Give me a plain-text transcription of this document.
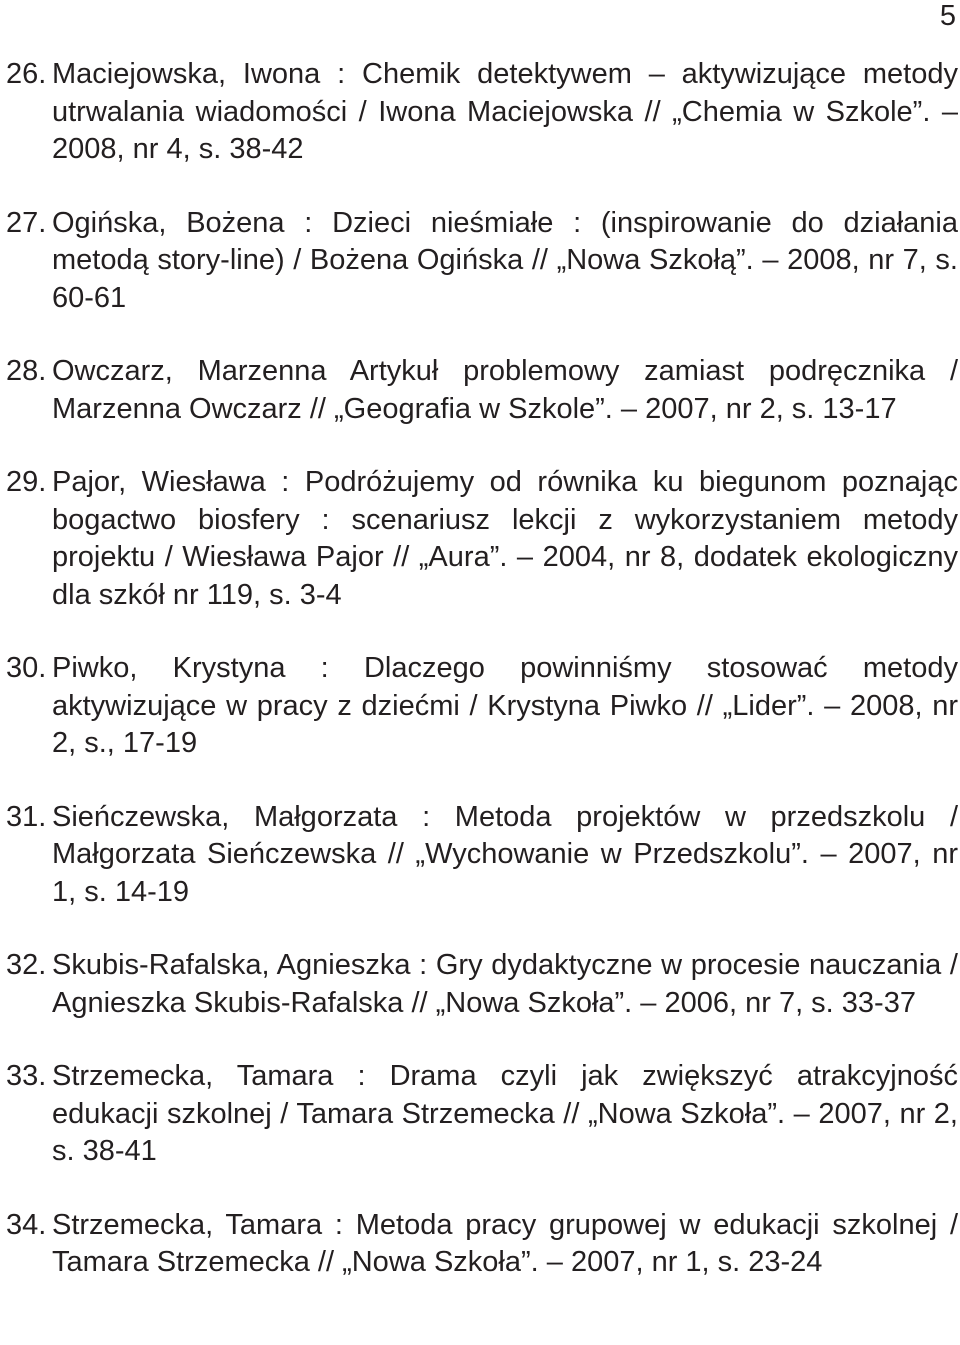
5
26. Maciejowska, Iwona : Chemik detektywem – aktywizujące metody utrwalania wiadomości / Iwona Maciejowska // „Chemia w Szkole”. – 2008, nr 4, s. 38-42
27. Ogińska, Bożena : Dzieci nieśmiałe : (inspirowanie do działania metodą story-line) / Bożena Ogińska // „Nowa Szkołą”. – 2008, nr 7, s. 60-61
28. Owczarz, Marzenna Artykuł problemowy zamiast podręcznika / Marzenna Owczarz // „Geografia w Szkole”. – 2007, nr 2, s. 13-17
29. Pajor, Wiesława : Podróżujemy od równika ku biegunom poznając bogactwo biosfery : scenariusz lekcji z wykorzystaniem metody projektu / Wiesława Pajor // „Aura”. – 2004, nr 8, dodatek ekologiczny dla szkół nr 119, s. 3-4
30. Piwko, Krystyna : Dlaczego powinniśmy stosować metody aktywizujące w pracy z dziećmi / Krystyna Piwko // „Lider”. – 2008, nr 2, s., 17-19
31. Sieńczewska, Małgorzata : Metoda projektów w przedszkolu / Małgorzata Sieńczewska // „Wychowanie w Przedszkolu”. – 2007, nr 1, s. 14-19
32. Skubis-Rafalska, Agnieszka : Gry dydaktyczne w procesie nauczania / Agnieszka Skubis-Rafalska // „Nowa Szkoła”. – 2006, nr 7, s. 33-37
33. Strzemecka, Tamara : Drama czyli jak zwiększyć atrakcyjność edukacji szkolnej / Tamara Strzemecka // „Nowa Szkoła”. – 2007, nr 2, s. 38-41
34. Strzemecka, Tamara : Metoda pracy grupowej w edukacji szkolnej / Tamara Strzemecka // „Nowa Szkoła”. – 2007, nr 1, s. 23-24
